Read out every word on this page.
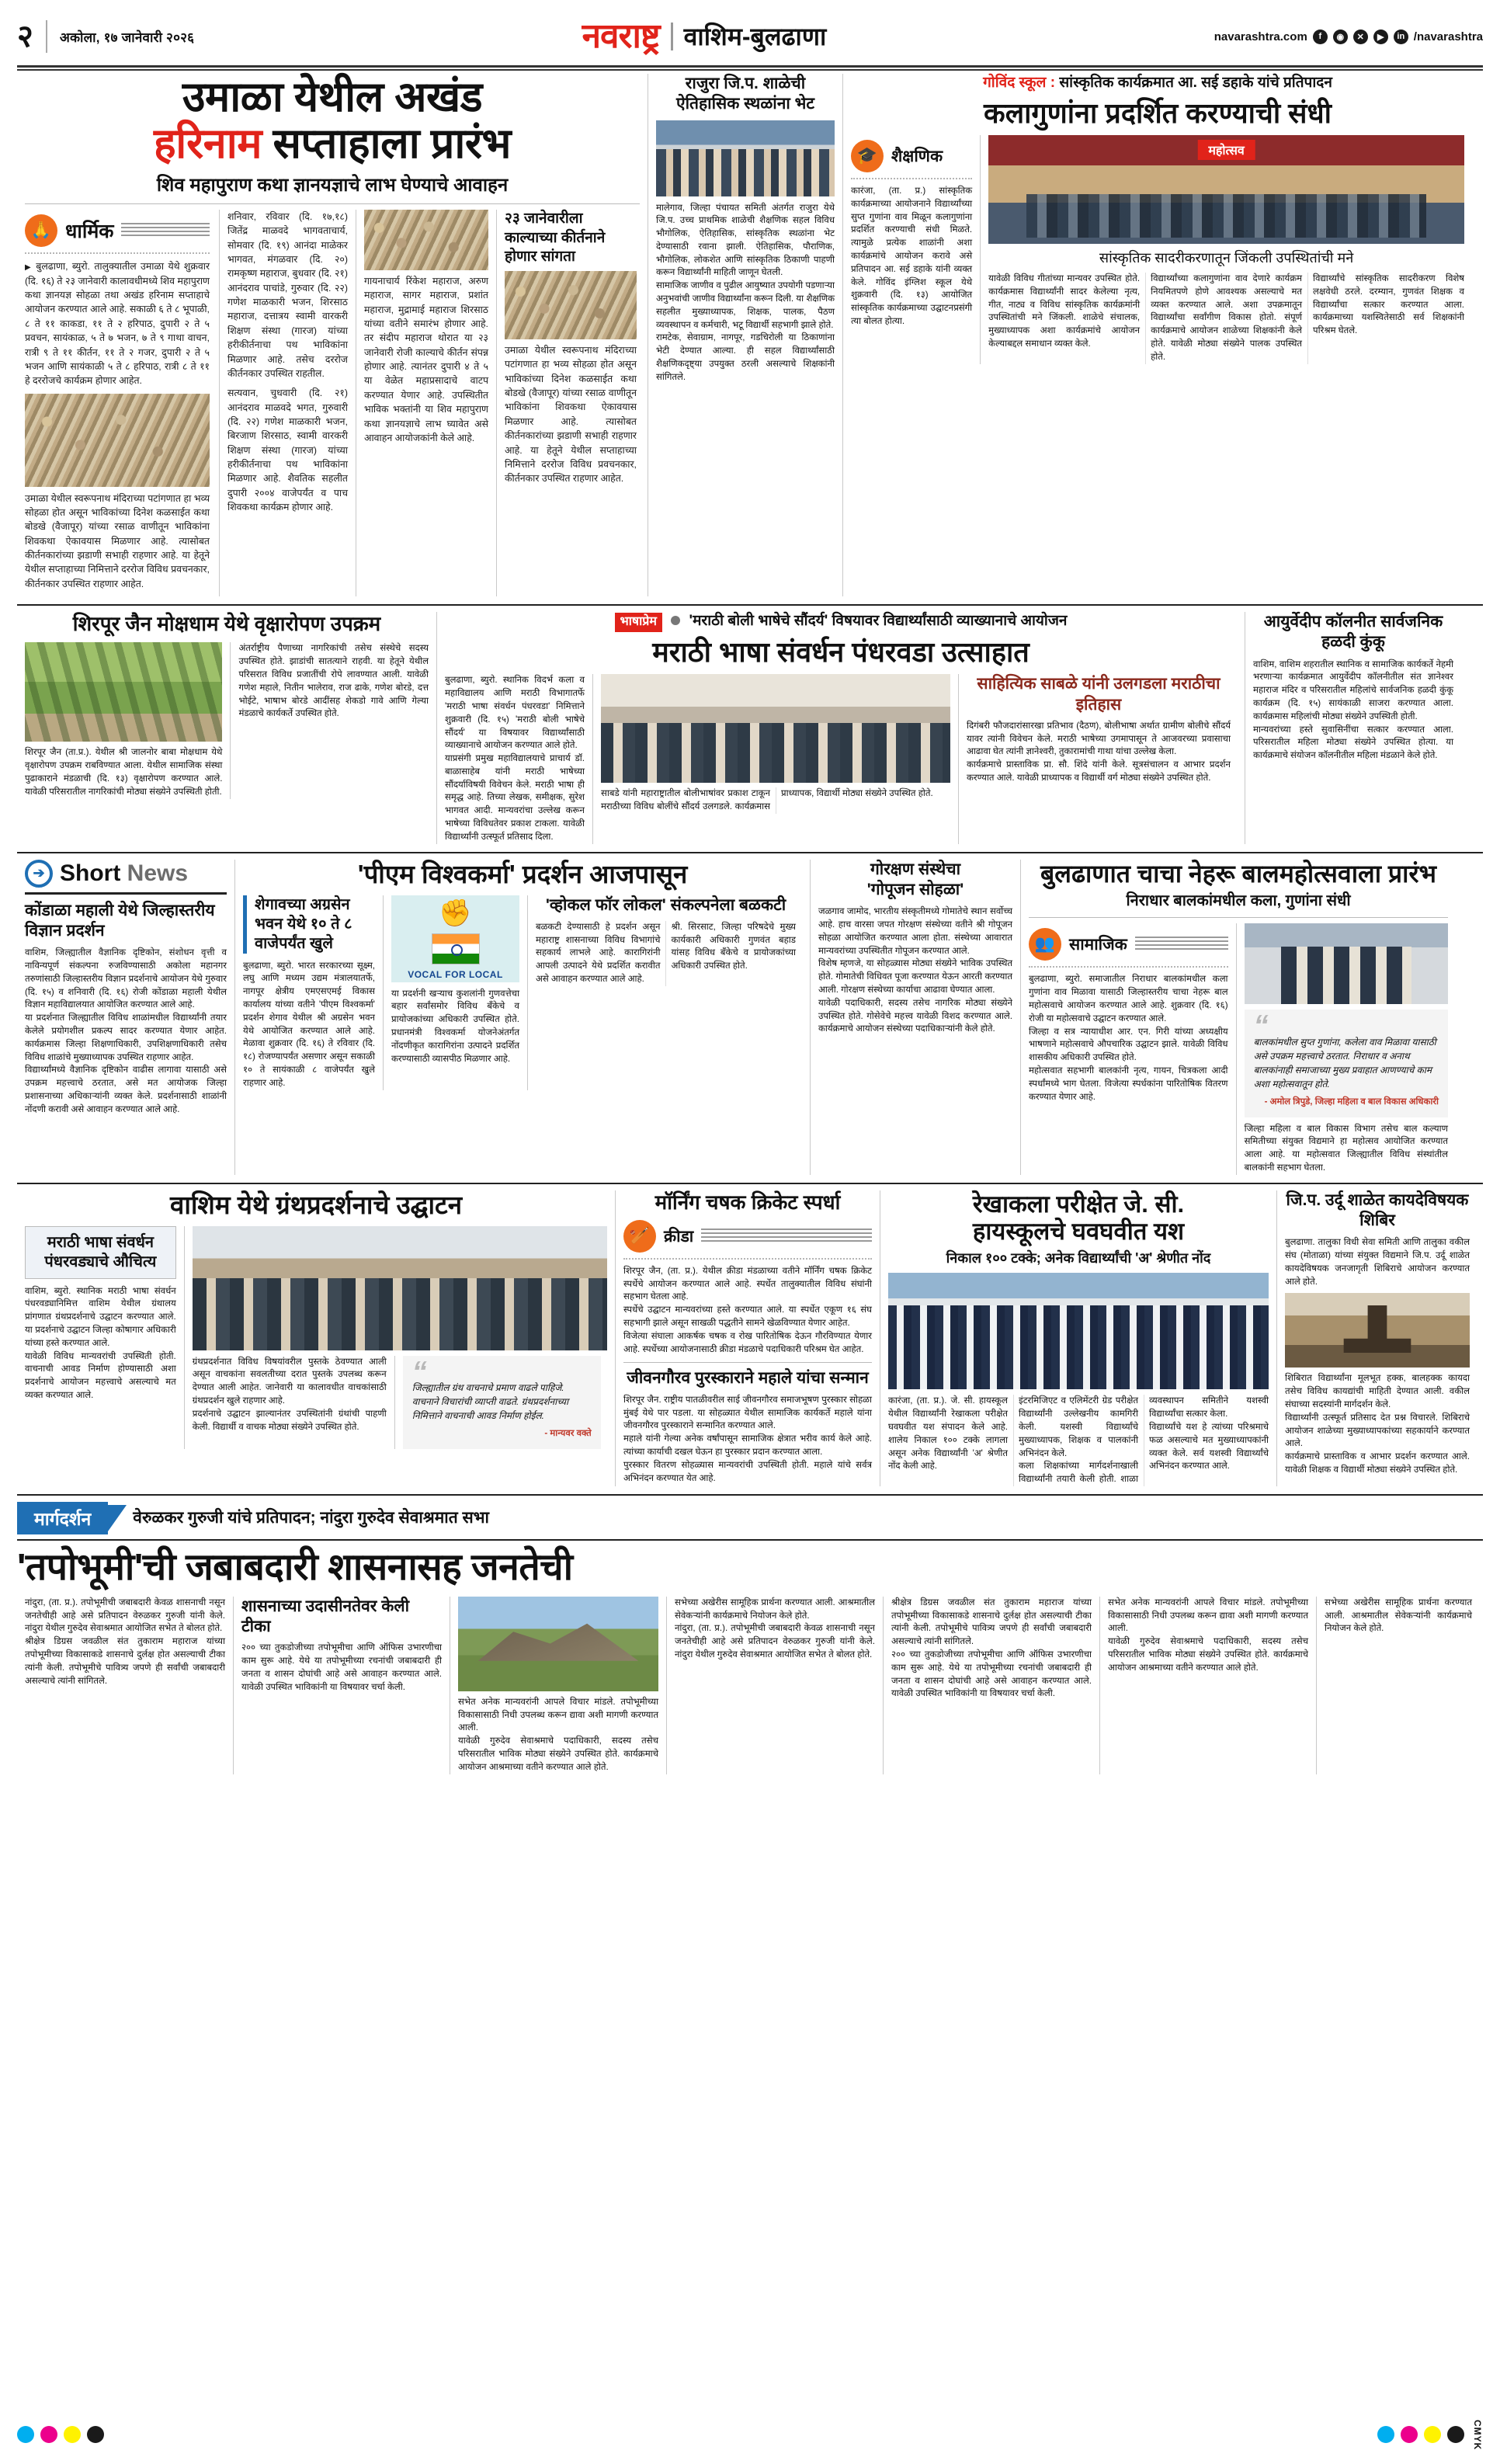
२	अकोला, १७ जानेवारी २०२६	नवराष्ट्र वाशिम-बुलढाणा	navarashtra.com	f	◉	✕	▶	in /navarashtra
उमाळा येथील अखंड
हरिनाम सप्ताहाला प्रारंभ
शिव महापुराण कथा ज्ञानयज्ञाचे लाभ घेण्याचे आवाहन
🙏 धार्मिक

▶ बुलढाणा, ब्युरो. तालुक्यातील उमाळा येथे शुक्रवार (दि. १६) ते २३ जानेवारी कालावधीमध्ये शिव महापुराण कथा ज्ञानयज्ञ सोहळा तथा अखंड हरिनाम सप्ताहाचे आयोजन करण्यात आले आहे. सकाळी ६ ते ८ भूपाळी, ८ ते ११ काकडा, ११ ते २ हरिपाठ, दुपारी २ ते ५ प्रवचन, सायंकाळ, ५ ते ७ भजन, ७ ते ९ गाथा वाचन, रात्री ९ ते ११ कीर्तन, ११ ते २ गजर, दुपारी २ ते ५ भजन आणि सायंकाळी ५ ते ८ हरिपाठ, रात्री ८ ते ११ हे दररोजचे कार्यक्रम होणार आहेत.

उमाळा येथील स्वरूपनाथ मंदिराच्या पटांगणात हा भव्य सोहळा होत असून भाविकांच्या दिनेश कळसाईत कथा बोडखे (वैजापूर) यांच्या रसाळ वाणीतून भाविकांना शिवकथा ऐकावयास मिळणार आहे. त्यासोबत कीर्तनकारांच्या झडाणी सभाही राहणार आहे. या हेतूने येथील सप्ताहाच्या निमित्ताने दररोज विविध प्रवचनकार, कीर्तनकार उपस्थित राहणार आहेत.

शनिवार, रविवार (दि. १७,१८) जितेंद्र माळवदे भागवताचार्य, सोमवार (दि. १९) आनंदा माळेकर भागवत, मंगळवार (दि. २०) रामकृष्ण महाराज, बुधवार (दि. २१) आनंदराव पाचांडे, गुरुवार (दि. २२) गणेश माळकारी भजन, शिरसाठ महाराज, दत्तात्रय स्वामी वारकरी शिक्षण संस्था (गारज) यांच्या हरीकीर्तनाचा पथ भाविकांना मिळणार आहे. तसेच दररोज कीर्तनकार उपस्थित राहतील.

सत्यवान, चुधवारी (दि. २१) आनंदराव माळवदे भगत, गुरुवारी (दि. २२) गणेश माळकारी भजन, बिरजाण शिरसाठ, स्वामी वारकरी शिक्षण संस्था (गारज) यांच्या हरीकीर्तनाचा पथ भाविकांना मिळणार आहे. शैवतिक सहलीत दुपारी २००४ वाजेपर्यंत व पाच शिवकथा कार्यक्रम होणार आहे.

गायनाचार्य रिंकेश महाराज, अरुण महाराज, सागर महाराज, प्रशांत महाराज, मुद्रामाई महाराज शिरसाठ यांच्या वतीने समारंभ होणार आहे. तर संदीप महाराज थोरात या २३ जानेवारी रोजी काल्याचे कीर्तन संपन्न होणार आहे. त्यानंतर दुपारी ४ ते ५ या वेळेत महाप्रसादाचे वाटप करण्यात येणार आहे. उपस्थितीत भाविक भक्तांनी या शिव महापुराण कथा ज्ञानयज्ञाचे लाभ घ्यावेत असे आवाहन आयोजकांनी केले आहे.

२३ जानेवारीला काल्याच्या कीर्तनाने होणार सांगता

उमाळा येथील स्वरूपनाथ मंदिराच्या पटांगणात हा भव्य सोहळा होत असून भाविकांच्या दिनेश कळसाईत कथा बोडखे (वैजापूर) यांच्या रसाळ वाणीतून भाविकांना शिवकथा ऐकावयास मिळणार आहे. त्यासोबत कीर्तनकारांच्या झडाणी सभाही राहणार आहे. या हेतूने येथील सप्ताहाच्या निमित्ताने दररोज विविध प्रवचनकार, कीर्तनकार उपस्थित राहणार आहेत.

राजुरा जि.प. शाळेची ऐतिहासिक स्थळांना भेट

मालेगाव, जिल्हा पंचायत समिती अंतर्गत राजुरा येथे जि.प. उच्च प्राथमिक शाळेची शैक्षणिक सहल विविध भौगोलिक, ऐतिहासिक, सांस्कृतिक स्थळांना भेट देण्यासाठी रवाना झाली. ऐतिहासिक, पौराणिक, भौगोलिक, लोकशेत आणि सांस्कृतिक ठिकाणी पाहणी करून विद्यार्थ्यांनी माहिती जाणून घेतली.

सामाजिक जाणीव व पुढील आयुष्यात उपयोगी पडणाऱ्या अनुभवांची जाणीव विद्यार्थ्यांना करून दिली. या शैक्षणिक सहलीत मुख्याध्यापक, शिक्षक, पालक, पैठण व्यवस्थापन व कर्मचारी, भटू विद्यार्थी सहभागी झाले होते.

रामटेक, सेवाग्राम, नागपूर, गडचिरोली या ठिकाणांना भेटी देण्यात आल्या. ही सहल विद्यार्थ्यांसाठी शैक्षणिकदृष्ट्या उपयुक्त ठरली असल्याचे शिक्षकांनी सांगितले.

गोविंद स्कूल : सांस्कृतिक कार्यक्रमात आ. सई डहाके यांचे प्रतिपादन
कलागुणांना प्रदर्शित करण्याची संधी
🎓 शैक्षणिक

कारंजा, (ता. प्र.) सांस्कृतिक कार्यक्रमाच्या आयोजनाने विद्यार्थ्यांच्या सुप्त गुणांना वाव मिळून कलागुणांना प्रदर्शित करण्याची संधी मिळते. त्यामुळे प्रत्येक शाळांनी अशा कार्यक्रमांचे आयोजन करावे असे प्रतिपादन आ. सई डहाके यांनी व्यक्त केले. गोविंद इंग्लिश स्कूल येथे शुक्रवारी (दि. १३) आयोजित सांस्कृतिक कार्यक्रमाच्या उद्घाटनप्रसंगी त्या बोलत होत्या.

महोत्सव
सांस्कृतिक सादरीकरणातून जिंकली उपस्थितांची मने

यावेळी विविध गीतांच्या मान्यवर उपस्थित होते. कार्यक्रमास विद्यार्थ्यांनी सादर केलेल्या नृत्य, गीत, नाट्य व विविध सांस्कृतिक कार्यक्रमांनी उपस्थितांची मने जिंकली. शाळेचे संचालक, मुख्याध्यापक अशा कार्यक्रमांचे आयोजन केल्याबद्दल समाधान व्यक्त केले.

विद्यार्थ्यांच्या कलागुणांना वाव देणारे कार्यक्रम नियमितपणे होणे आवश्यक असल्याचे मत व्यक्त करण्यात आले. अशा उपक्रमातून विद्यार्थ्यांचा सर्वांगीण विकास होतो. संपूर्ण कार्यक्रमाचे आयोजन शाळेच्या शिक्षकांनी केले होते. यावेळी मोठ्या संख्येने पालक उपस्थित होते.

विद्यार्थ्यांचे सांस्कृतिक सादरीकरण विशेष लक्षवेधी ठरले. दरम्यान, गुणवंत शिक्षक व विद्यार्थ्यांचा सत्कार करण्यात आला. कार्यक्रमाच्या यशस्वितेसाठी सर्व शिक्षकांनी परिश्रम घेतले.

शिरपूर जैन मोक्षधाम येथे वृक्षारोपण उपक्रम

शिरपूर जैन (ता.प्र.). येथील श्री जालनोर बाबा मोक्षधाम येथे वृक्षारोपण उपक्रम राबविण्यात आला. येथील सामाजिक संस्था पुढाकाराने मंडळाची (दि. १३) वृक्षारोपण करण्यात आले. यावेळी परिसरातील नागरिकांची मोठ्या संख्येने उपस्थिती होती.

अंतर्राष्ट्रीय पैणाच्या नागरिकांची तसेच संस्थेचे सदस्य उपस्थित होते. झाडांची सातत्याने राहवी. या हेतूने येथील परिसरात विविध प्रजातींची रोपे लावण्यात आली. यावेळी गणेश महाले, नितीन भालेराव, राज ढाके, गणेश बोरडे, दत्त भोईटे, भाषाभ बोरडे आदींसह शेकडो गावे आणि गेल्या मंडळाचे कार्यकर्ते उपस्थित होते.

भाषाप्रेम 'मराठी बोली भाषेचे सौंदर्य' विषयावर विद्यार्थ्यांसाठी व्याख्यानाचे आयोजन
मराठी भाषा संवर्धन पंधरवडा उत्साहात

बुलढाणा, ब्युरो. स्थानिक विदर्भ कला व महाविद्यालय आणि मराठी विभागातर्फे 'मराठी भाषा संवर्धन पंधरवडा' निमित्ताने शुक्रवारी (दि. १५) 'मराठी बोली भाषेचे सौंदर्य' या विषयावर विद्यार्थ्यांसाठी व्याख्यानाचे आयोजन करण्यात आले होते.

याप्रसंगी प्रमुख महाविद्यालयाचे प्राचार्य डॉ. बाळासाहेब यांनी मराठी भाषेच्या सौंदर्याविषयी विवेचन केले. मराठी भाषा ही समृद्ध आहे. तिच्या लेखक, समीक्षक, सुरेश भागवत आदी. मान्यवरांचा उल्लेख करून भाषेच्या विविधतेवर प्रकाश टाकला. यावेळी विद्यार्थ्यांनी उत्स्फूर्त प्रतिसाद दिला.

साबडे यांनी महाराष्ट्रातील बोलीभाषांवर प्रकाश टाकून मराठीच्या विविध बोलींचे सौंदर्य उलगडले. कार्यक्रमास प्राध्यापक, विद्यार्थी मोठ्या संख्येने उपस्थित होते.

साहित्यिक साबळे यांनी उलगडला मराठीचा इतिहास

दिगंबरी फौजदारांसारखा प्रतिभाव (दैठण), बोलीभाषा अर्थात ग्रामीण बोलीचे सौंदर्य यावर त्यांनी विवेचन केले. मराठी भाषेच्या उगमापासून ते आजवरच्या प्रवासाचा आढावा घेत त्यांनी ज्ञानेश्वरी, तुकारामांची गाथा यांचा उल्लेख केला.

कार्यक्रमाचे प्रास्ताविक प्रा. सौ. शिंदे यांनी केले. सूत्रसंचालन व आभार प्रदर्शन करण्यात आले. यावेळी प्राध्यापक व विद्यार्थी वर्ग मोठ्या संख्येने उपस्थित होते.

आयुर्वेदीप कॉलनीत सार्वजनिक हळदी कुंकू

वाशिम, वाशिम शहरातील स्थानिक व सामाजिक कार्यकर्ते नेहमी भरणाऱ्या कार्यक्रमात आयुर्वेदीप कॉलनीतील संत ज्ञानेश्वर महाराज मंदिर व परिसरातील महिलांचे सार्वजनिक हळदी कुंकू कार्यक्रम (दि. १५) सायंकाळी साजरा करण्यात आला. कार्यक्रमास महिलांची मोठ्या संख्येने उपस्थिती होती.

मान्यवरांच्या हस्ते सुवासिनींचा सत्कार करण्यात आला. परिसरातील महिला मोठ्या संख्येने उपस्थित होत्या. या कार्यक्रमाचे संयोजन कॉलनीतील महिला मंडळाने केले होते.

➔ Short News
कोंडाळा महाली येथे जिल्हास्तरीय विज्ञान प्रदर्शन

वाशिम, जिल्ह्यातील वैज्ञानिक दृष्टिकोन, संशोधन वृत्ती व नाविन्यपूर्ण संकल्पना रुजविण्यासाठी अकोला महानगर तरुणांसाठी जिल्हास्तरीय विज्ञान प्रदर्शनाचे आयोजन येथे गुरुवार (दि. १५) व शनिवारी (दि. १६) रोजी कोंडाळा महाली येथील विज्ञान महाविद्यालयात आयोजित करण्यात आले आहे.

या प्रदर्शनात जिल्ह्यातील विविध शाळांमधील विद्यार्थ्यांनी तयार केलेले प्रयोगशील प्रकल्प सादर करण्यात येणार आहेत. कार्यक्रमास जिल्हा शिक्षणाधिकारी, उपशिक्षणाधिकारी तसेच विविध शाळांचे मुख्याध्यापक उपस्थित राहणार आहेत.

विद्यार्थ्यांमध्ये वैज्ञानिक दृष्टिकोन वाढीस लागावा यासाठी असे उपक्रम महत्त्वाचे ठरतात, असे मत आयोजक जिल्हा प्रशासनाच्या अधिकाऱ्यांनी व्यक्त केले. प्रदर्शनासाठी शाळांनी नोंदणी करावी असे आवाहन करण्यात आले आहे.

'पीएम विश्वकर्मा' प्रदर्शन आजपासून
शेगावच्या अग्रसेन भवन येथे १० ते ८ वाजेपर्यंत खुले

बुलढाणा, ब्युरो. भारत सरकारच्या सूक्ष्म, लघु आणि मध्यम उद्यम मंत्रालयातर्फे, नागपूर क्षेत्रीय एमएसएमई विकास कार्यालय यांच्या वतीने 'पीएम विश्वकर्मा' प्रदर्शन शेगाव येथील श्री अग्रसेन भवन येथे आयोजित करण्यात आले आहे. मेळावा शुक्रवार (दि. १६) ते रविवार (दि. १८) रोजण्यापर्यंत असणार असून सकाळी १० ते सायंकाळी ८ वाजेपर्यंत खुले राहणार आहे.

✊
VOCAL FOR LOCAL

या प्रदर्शनी खऱ्याच कुशलांनी गुणवत्तेचा बहार सर्वांसमोर विविध बँकेचे व प्रायोजकांच्या अधिकारी उपस्थित होते. प्रधानमंत्री विश्वकर्मा योजनेअंतर्गत नोंदणीकृत कारागिरांना उत्पादने प्रदर्शित करण्यासाठी व्यासपीठ मिळणार आहे.

'व्होकल फॉर लोकल' संकल्पनेला बळकटी

बळकटी देण्यासाठी हे प्रदर्शन असून महाराष्ट्र शासनाच्या विविध विभागांचे सहकार्य लाभले आहे. कारागिरांनी आपली उत्पादने येथे प्रदर्शित करावीत असे आवाहन करण्यात आले आहे.

श्री. सिरसाट, जिल्हा परिषदेचे मुख्य कार्यकारी अधिकारी गुणवंत बहाड यांसह विविध बँकेचे व प्रायोजकांच्या अधिकारी उपस्थित होते.

गोरक्षण संस्थेचा
'गोपूजन सोहळा'

जळगाव जामोद, भारतीय संस्कृतीमध्ये गोमातेचे स्थान सर्वोच्च आहे. हाच वारसा जपत गोरक्षण संस्थेच्या वतीने श्री गोपूजन सोहळा आयोजित करण्यात आला होता. संस्थेच्या आवारात मान्यवरांच्या उपस्थितीत गोपूजन करण्यात आले.

विशेष म्हणजे, या सोहळ्यास मोठ्या संख्येने भाविक उपस्थित होते. गोमातेची विधिवत पूजा करण्यात येऊन आरती करण्यात आली. गोरक्षण संस्थेच्या कार्याचा आढावा घेण्यात आला.

यावेळी पदाधिकारी, सदस्य तसेच नागरिक मोठ्या संख्येने उपस्थित होते. गोसेवेचे महत्त्व यावेळी विशद करण्यात आले. कार्यक्रमाचे आयोजन संस्थेच्या पदाधिकाऱ्यांनी केले होते.

बुलढाणात चाचा नेहरू बालमहोत्सवाला प्रारंभ
निराधार बालकांमधील कला, गुणांना संधी
👥 सामाजिक

बुलढाणा, ब्युरो. समाजातील निराधार बालकांमधील कला गुणांना वाव मिळावा यासाठी जिल्हास्तरीय चाचा नेहरू बाल महोत्सवाचे आयोजन करण्यात आले आहे. शुक्रवार (दि. १६) रोजी या महोत्सवाचे उद्घाटन करण्यात आले.

जिल्हा व सत्र न्यायाधीश आर. एन. गिरी यांच्या अध्यक्षीय भाषणाने महोत्सवाचे औपचारिक उद्घाटन झाले. यावेळी विविध शासकीय अधिकारी उपस्थित होते.

महोत्सवात सहभागी बालकांनी नृत्य, गायन, चित्रकला आदी स्पर्धांमध्ये भाग घेतला. विजेत्या स्पर्धकांना पारितोषिक वितरण करण्यात येणार आहे.

“
बालकांमधील सुप्त गुणांना, कलेला वाव मिळावा यासाठी असे उपक्रम महत्त्वाचे ठरतात. निराधार व अनाथ बालकांनाही समाजाच्या मुख्य प्रवाहात आणण्याचे काम अशा महोत्सवातून होते.
- अमोल त्रिपुडे, जिल्हा महिला व बाल विकास अधिकारी

जिल्हा महिला व बाल विकास विभाग तसेच बाल कल्याण समितीच्या संयुक्त विद्यमाने हा महोत्सव आयोजित करण्यात आला आहे. या महोत्सवात जिल्ह्यातील विविध संस्थांतील बालकांनी सहभाग घेतला.

वाशिम येथे ग्रंथप्रदर्शनाचे उद्घाटन
मराठी भाषा संवर्धन पंधरवड्याचे औचित्य

वाशिम, ब्युरो. स्थानिक मराठी भाषा संवर्धन पंधरवड्यानिमित्त वाशिम येथील ग्रंथालय प्रांगणात ग्रंथप्रदर्शनाचे उद्घाटन करण्यात आले. या प्रदर्शनाचे उद्घाटन जिल्हा कोषागार अधिकारी यांच्या हस्ते करण्यात आले.

यावेळी विविध मान्यवरांची उपस्थिती होती. वाचनाची आवड निर्माण होण्यासाठी अशा प्रदर्शनाचे आयोजन महत्त्वाचे असल्याचे मत व्यक्त करण्यात आले.

ग्रंथप्रदर्शनात विविध विषयांवरील पुस्तके ठेवण्यात आली असून वाचकांना सवलतीच्या दरात पुस्तके उपलब्ध करून देण्यात आली आहेत. जानेवारी या कालावधीत वाचकांसाठी ग्रंथप्रदर्शन खुले राहणार आहे.

प्रदर्शनाचे उद्घाटन झाल्यानंतर उपस्थितांनी ग्रंथांची पाहणी केली. विद्यार्थी व वाचक मोठ्या संख्येने उपस्थित होते.

“
जिल्ह्यातील ग्रंथ वाचनाचे प्रमाण वाढले पाहिजे. वाचनाने विचारांची व्याप्ती वाढते. ग्रंथप्रदर्शनाच्या निमित्ताने वाचनाची आवड निर्माण होईल.
- मान्यवर वक्ते
मॉर्निंग चषक क्रिकेट स्पर्धा
🏏 क्रीडा

शिरपूर जैन, (ता. प्र.). येथील क्रीडा मंडळाच्या वतीने मॉर्निंग चषक क्रिकेट स्पर्धेचे आयोजन करण्यात आले आहे. स्पर्धेत तालुक्यातील विविध संघांनी सहभाग घेतला आहे.

स्पर्धेचे उद्घाटन मान्यवरांच्या हस्ते करण्यात आले. या स्पर्धेत एकूण १६ संघ सहभागी झाले असून साखळी पद्धतीने सामने खेळविण्यात येणार आहेत.

विजेत्या संघाला आकर्षक चषक व रोख पारितोषिक देऊन गौरविण्यात येणार आहे. स्पर्धेच्या आयोजनासाठी क्रीडा मंडळाचे पदाधिकारी परिश्रम घेत आहेत.

जीवनगौरव पुरस्काराने महाले यांचा सन्मान

शिरपूर जैन. राष्ट्रीय पातळीवरील साई जीवनगौरव समाजभूषण पुरस्कार सोहळा मुंबई येथे पार पडला. या सोहळ्यात येथील सामाजिक कार्यकर्ते महाले यांना जीवनगौरव पुरस्काराने सन्मानित करण्यात आले.

महाले यांनी गेल्या अनेक वर्षांपासून सामाजिक क्षेत्रात भरीव कार्य केले आहे. त्यांच्या कार्याची दखल घेऊन हा पुरस्कार प्रदान करण्यात आला.

पुरस्कार वितरण सोहळ्यास मान्यवरांची उपस्थिती होती. महाले यांचे सर्वत्र अभिनंदन करण्यात येत आहे.

रेखाकला परीक्षेत जे. सी.
हायस्कूलचे घवघवीत यश
निकाल १०० टक्के; अनेक विद्यार्थ्यांची 'अ' श्रेणीत नोंद

कारंजा, (ता. प्र.). जे. सी. हायस्कूल येथील विद्यार्थ्यांनी रेखाकला परीक्षेत घवघवीत यश संपादन केले आहे. शालेय निकाल १०० टक्के लागला असून अनेक विद्यार्थ्यांनी 'अ' श्रेणीत नोंद केली आहे.

इंटरमिजिएट व एलिमेंटरी ग्रेड परीक्षेत विद्यार्थ्यांनी उल्लेखनीय कामगिरी केली. यशस्वी विद्यार्थ्यांचे मुख्याध्यापक, शिक्षक व पालकांनी अभिनंदन केले.

कला शिक्षकांच्या मार्गदर्शनाखाली विद्यार्थ्यांनी तयारी केली होती. शाळा व्यवस्थापन समितीने यशस्वी विद्यार्थ्यांचा सत्कार केला.

विद्यार्थ्यांचे यश हे त्यांच्या परिश्रमाचे फळ असल्याचे मत मुख्याध्यापकांनी व्यक्त केले. सर्व यशस्वी विद्यार्थ्यांचे अभिनंदन करण्यात आले.

जि.प. उर्दू शाळेत कायदेविषयक शिबिर

बुलढाणा. तालुका विधी सेवा समिती आणि तालुका वकील संघ (मोताळा) यांच्या संयुक्त विद्यमाने जि.प. उर्दू शाळेत कायदेविषयक जनजागृती शिबिराचे आयोजन करण्यात आले होते.

शिबिरात विद्यार्थ्यांना मूलभूत हक्क, बालहक्क कायदा तसेच विविध कायद्यांची माहिती देण्यात आली. वकील संघाच्या सदस्यांनी मार्गदर्शन केले.

विद्यार्थ्यांनी उत्स्फूर्त प्रतिसाद देत प्रश्न विचारले. शिबिराचे आयोजन शाळेच्या मुख्याध्यापकांच्या सहकार्याने करण्यात आले.

कार्यक्रमाचे प्रास्ताविक व आभार प्रदर्शन करण्यात आले. यावेळी शिक्षक व विद्यार्थी मोठ्या संख्येने उपस्थित होते.

मार्गदर्शन	वेरुळकर गुरुजी यांचे प्रतिपादन; नांदुरा गुरुदेव सेवाश्रमात सभा
'तपोभूमी'ची जबाबदारी शासनासह जनतेची

नांदुरा, (ता. प्र.). तपोभूमीची जबाबदारी केवळ शासनाची नसून जनतेचीही आहे असे प्रतिपादन वेरुळकर गुरुजी यांनी केले. नांदुरा येथील गुरुदेव सेवाश्रमात आयोजित सभेत ते बोलत होते.

श्रीक्षेत्र डिग्रस जवळील संत तुकाराम महाराज यांच्या तपोभूमीच्या विकासाकडे शासनाचे दुर्लक्ष होत असल्याची टीका त्यांनी केली. तपोभूमीचे पावित्र्य जपणे ही सर्वांची जबाबदारी असल्याचे त्यांनी सांगितले.

शासनाच्या उदासीनतेवर केली टीका

२०० च्या तुकडोजीच्या तपोभूमीचा आणि ऑफिस उभारणीचा काम सुरू आहे. येथे या तपोभूमीच्या रचनांची जबाबदारी ही जनता व शासन दोघांची आहे असे आवाहन करण्यात आले. यावेळी उपस्थित भाविकांनी या विषयावर चर्चा केली.

सभेत अनेक मान्यवरांनी आपले विचार मांडले. तपोभूमीच्या विकासासाठी निधी उपलब्ध करून द्यावा अशी मागणी करण्यात आली.

यावेळी गुरुदेव सेवाश्रमाचे पदाधिकारी, सदस्य तसेच परिसरातील भाविक मोठ्या संख्येने उपस्थित होते. कार्यक्रमाचे आयोजन आश्रमाच्या वतीने करण्यात आले होते.

सभेच्या अखेरीस सामूहिक प्रार्थना करण्यात आली. आश्रमातील सेवेकऱ्यांनी कार्यक्रमाचे नियोजन केले होते.

नांदुरा, (ता. प्र.). तपोभूमीची जबाबदारी केवळ शासनाची नसून जनतेचीही आहे असे प्रतिपादन वेरुळकर गुरुजी यांनी केले. नांदुरा येथील गुरुदेव सेवाश्रमात आयोजित सभेत ते बोलत होते.

श्रीक्षेत्र डिग्रस जवळील संत तुकाराम महाराज यांच्या तपोभूमीच्या विकासाकडे शासनाचे दुर्लक्ष होत असल्याची टीका त्यांनी केली. तपोभूमीचे पावित्र्य जपणे ही सर्वांची जबाबदारी असल्याचे त्यांनी सांगितले.

२०० च्या तुकडोजीच्या तपोभूमीचा आणि ऑफिस उभारणीचा काम सुरू आहे. येथे या तपोभूमीच्या रचनांची जबाबदारी ही जनता व शासन दोघांची आहे असे आवाहन करण्यात आले. यावेळी उपस्थित भाविकांनी या विषयावर चर्चा केली.

सभेत अनेक मान्यवरांनी आपले विचार मांडले. तपोभूमीच्या विकासासाठी निधी उपलब्ध करून द्यावा अशी मागणी करण्यात आली.

यावेळी गुरुदेव सेवाश्रमाचे पदाधिकारी, सदस्य तसेच परिसरातील भाविक मोठ्या संख्येने उपस्थित होते. कार्यक्रमाचे आयोजन आश्रमाच्या वतीने करण्यात आले होते.

सभेच्या अखेरीस सामूहिक प्रार्थना करण्यात आली. आश्रमातील सेवेकऱ्यांनी कार्यक्रमाचे नियोजन केले होते.

CMYK
